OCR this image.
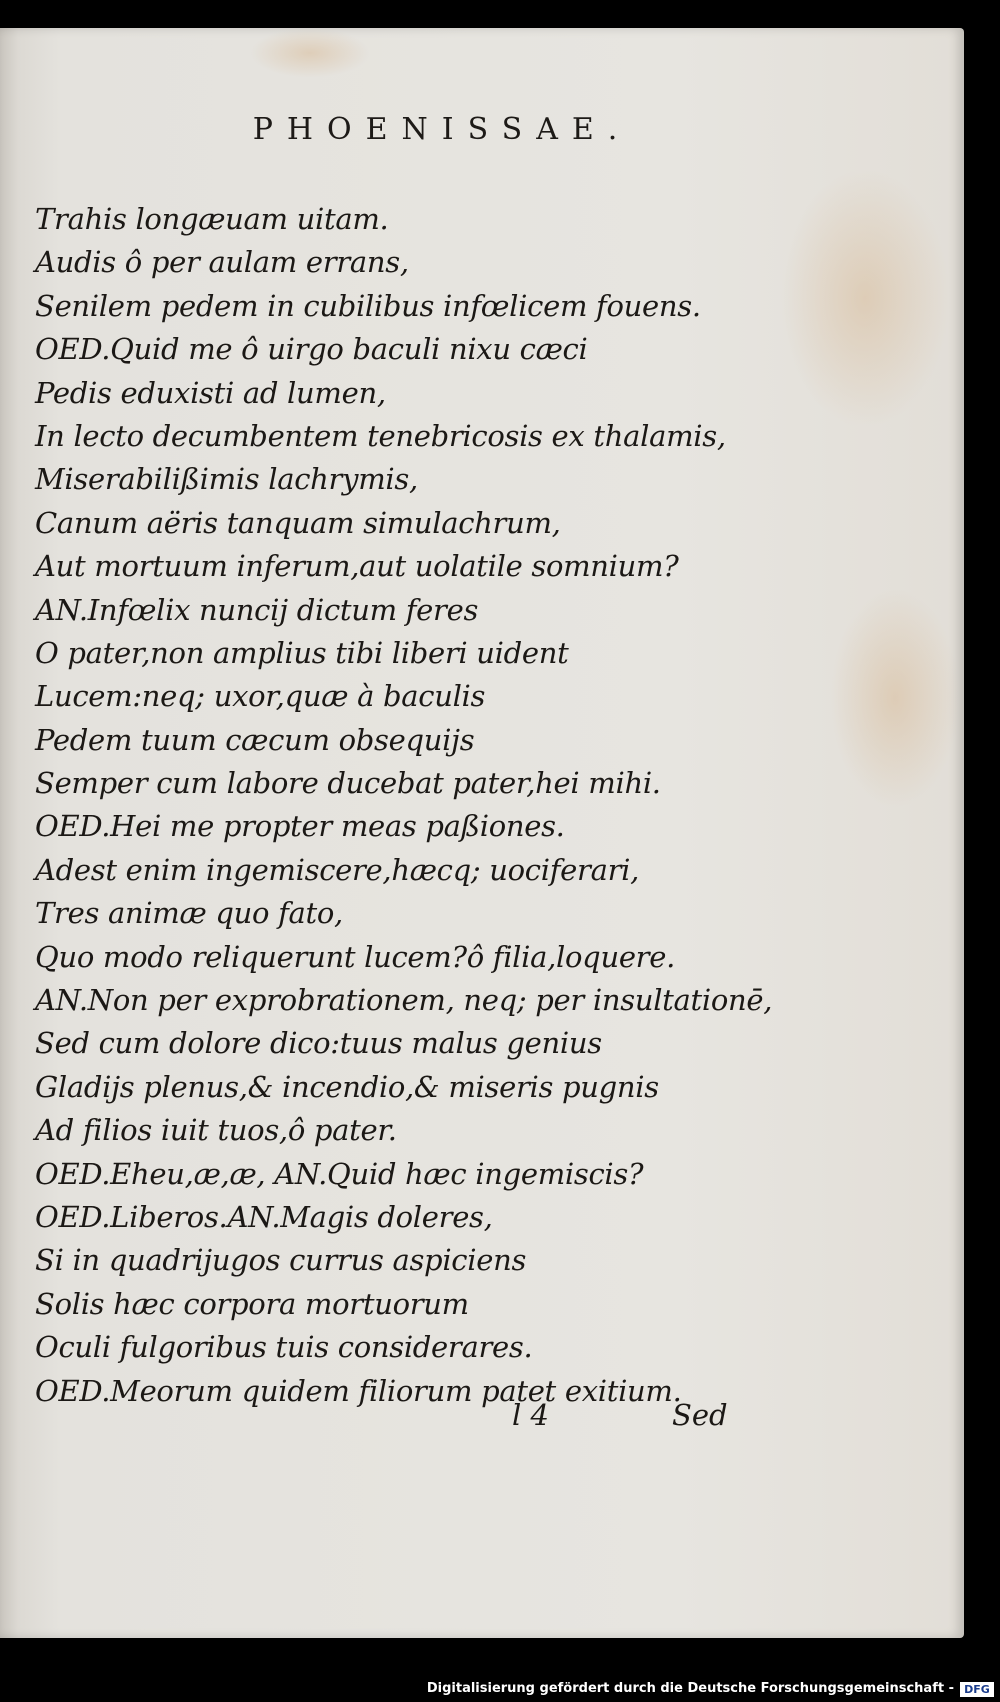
PHOENISSAE.
Trahis longæuam uitam.
Audis ô per aulam errans,
Senilem pedem in cubilibus infœlicem fouens.
OED.Quid me ô uirgo baculi nixu cæci
Pedis eduxisti ad lumen,
In lecto decumbentem tenebricosis ex thalamis,
Miserabilißimis lachrymis,
Canum aëris tanquam simulachrum,
Aut mortuum inferum,aut uolatile somnium?
AN.Infœlix nuncij dictum feres
O pater,non amplius tibi liberi uident
Lucem:neq; uxor,quæ à baculis
Pedem tuum cæcum obsequijs
Semper cum labore ducebat pater,hei mihi.
OED.Hei me propter meas paßiones.
Adest enim ingemiscere,hæcq; uociferari,
Tres animæ quo fato,
Quo modo reliquerunt lucem?ô filia,loquere.
AN.Non per exprobrationem, neq; per insultationē,
Sed cum dolore dico:tuus malus genius
Gladijs plenus,& incendio,& miseris pugnis
Ad filios iuit tuos,ô pater.
OED.Eheu,æ,æ, AN.Quid hæc ingemiscis?
OED.Liberos.AN.Magis doleres,
Si in quadrijugos currus aspiciens
Solis hæc corpora mortuorum
Oculi fulgoribus tuis considerares.
OED.Meorum quidem filiorum patet exitium.
l 4	Sed
Digitalisierung gefördert durch die Deutsche Forschungsgemeinschaft - DFG
